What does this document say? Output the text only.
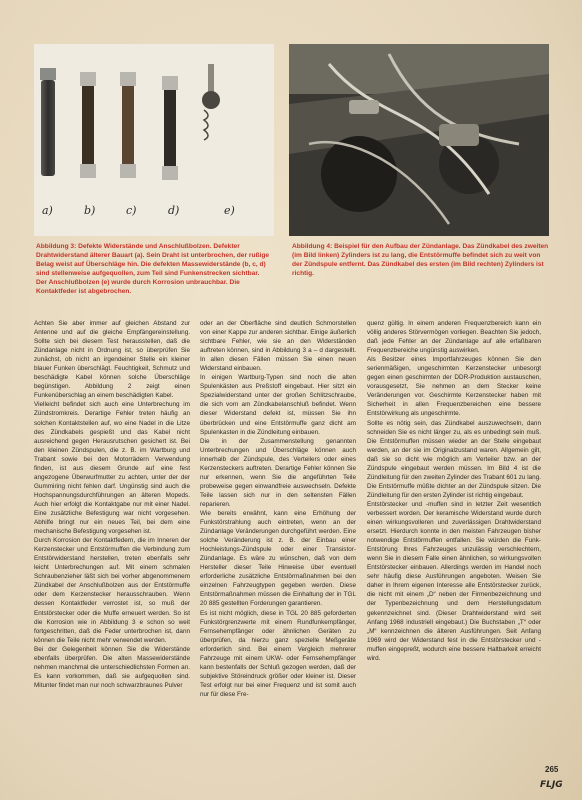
a)	b)	c)	d)	e)
Abbildung 3: Defekte Widerstände und Anschlußbolzen. Defekter Drahtwiderstand älterer Bauart (a). Sein Draht ist unterbrochen, der rußige Belag weist auf Überschläge hin. Die defekten Massewiderstände (b, c, d) sind stellenweise aufgequollen, zum Teil sind Funkenstrecken sichtbar. Der Anschlußbolzen (e) wurde durch Korrosion unbrauchbar. Die Kontaktfeder ist abgebrochen.
Abbildung 4: Beispiel für den Aufbau der Zündanlage. Das Zündkabel des zweiten (im Bild linken) Zylinders ist zu lang, die Entstörmuffe befindet sich zu weit von der Zündspule entfernt. Das Zündkabel des ersten (im Bild rechten) Zylinders ist richtig.

Achten Sie aber immer auf gleichen Abstand zur Antenne und auf die gleiche Empfängereinstellung. Sollte sich bei diesem Test herausstellen, daß die Zündanlage nicht in Ordnung ist, so überprüfen Sie zunächst, ob nicht an irgendeiner Stelle ein kleiner blauer Funken überschlägt. Feuchtigkeit, Schmutz und beschädigte Kabel können solche Überschläge begünstigen. Abbildung 2 zeigt einen Funkenüberschlag an einem beschädigten Kabel.

Vielleicht befindet sich auch eine Unterbrechung im Zündstromkreis. Derartige Fehler treten häufig an solchen Kontaktstellen auf, wo eine Nadel in die Litze des Zündkabels gespießt und das Kabel nicht ausreichend gegen Herausrutschen gesichert ist. Bei den kleinen Zündspulen, die z. B. im Wartburg und Trabant sowie bei den Motorrädern Verwendung finden, ist aus diesem Grunde auf eine fest angezogene Überwurfmutter zu achten, unter der der Gummiring nicht fehlen darf. Ungünstig sind auch die Hochspannungsdurchführungen an älteren Mopeds. Auch hier erfolgt die Kontaktgabe nur mit einer Nadel. Eine zusätzliche Befestigung war nicht vorgesehen. Abhilfe bringt nur ein neues Teil, bei dem eine mechanische Befestigung vorgesehen ist.

Durch Korrosion der Kontaktfedern, die im Inneren der Kerzenstecker und Entstörmuffen die Verbindung zum Entstörwiderstand herstellen, treten ebenfalls sehr leicht Unterbrechungen auf. Mit einem schmalen Schraubenzieher läßt sich bei vorher abgenommenem Zündkabel der Anschlußbolzen aus der Entstörmuffe oder dem Kerzenstecker herausschrauben. Wenn dessen Kontaktfeder verrostet ist, so muß der Entstörstecker oder die Muffe erneuert werden. So ist die Korrosion wie in Abbildung 3 e schon so weit fortgeschritten, daß die Feder unterbrochen ist, dann können die Teile nicht mehr verwendet werden.

Bei der Gelegenheit können Sie die Widerstände ebenfalls überprüfen. Die alten Massewiderstände nehmen manchmal die unterschiedlichsten Formen an. Es kann vorkommen, daß sie aufgequollen sind. Mitunter findet man nur noch schwarzbraunes Pulver

oder an der Oberfläche sind deutlich Schmorstellen von einer Kappe zur anderen sichtbar. Einige äußerlich sichtbare Fehler, wie sie an den Widerständen auftreten können, sind in Abbildung 3 a – d dargestellt. In allen diesen Fällen müssen Sie einen neuen Widerstand einbauen.

In einigen Wartburg-Typen sind noch die alten Spulenkästen aus Preßstoff eingebaut. Hier sitzt ein Spezialwiderstand unter der großen Schlitzschraube, die sich vorn am Zündkabelanschluß befindet. Wenn dieser Widerstand defekt ist, müssen Sie ihn überbrücken und eine Entstörmuffe ganz dicht am Spulenkasten in die Zündleitung einbauen.

Die in der Zusammenstellung genannten Unterbrechungen und Überschläge können auch innerhalb der Zündspule, des Verteilers oder eines Kerzensteckers auftreten. Derartige Fehler können Sie nur erkennen, wenn Sie die angeführten Teile probeweise gegen einwandfreie auswechseln. Defekte Teile lassen sich nur in den seltensten Fällen reparieren.

Wie bereits erwähnt, kann eine Erhöhung der Funkstörstrahlung auch eintreten, wenn an der Zündanlage Veränderungen durchgeführt werden. Eine solche Veränderung ist z. B. der Einbau einer Hochleistungs-Zündspule oder einer Transistor-Zündanlage. Es wäre zu wünschen, daß von dem Hersteller dieser Teile Hinweise über eventuell erforderliche zusätzliche Entstörmaßnahmen bei den einzelnen Fahrzeugtypen gegeben werden. Diese Entstörmaßnahmen müssen die Einhaltung der in TGL 20 885 gestellten Forderungen garantieren.

Es ist nicht möglich, diese in TGL 20 885 geforderten Funkstörgrenzwerte mit einem Rundfunkempfänger, Fernsehempfänger oder ähnlichen Geräten zu überprüfen, da hierzu ganz spezielle Meßgeräte erforderlich sind. Bei einem Vergleich mehrerer Fahrzeuge mit einem UKW- oder Fernsehempfänger kann bestenfalls der Schluß gezogen werden, daß der subjektive Störeindruck größer oder kleiner ist. Dieser Test erfolgt nur bei einer Frequenz und ist somit auch nur für diese Fre-

quenz gültig. In einem anderen Frequenzbereich kann ein völlig anderes Störvermögen vorliegen. Beachten Sie jedoch, daß jede Fehler an der Zündanlage auf alle erfaßbaren Frequenzbereiche ungünstig auswirken.

Als Besitzer eines Importfahrzeuges können Sie den serienmäßigen, ungeschirmten Kerzenstecker unbesorgt gegen einen geschirmten der DDR-Produktion austauschen, vorausgesetzt, Sie nehmen an dem Stecker keine Veränderungen vor. Geschirmte Kerzenstecker haben mit Sicherheit in allen Frequenzbereichen eine bessere Entstörwirkung als ungeschirmte.

Sollte es nötig sein, das Zündkabel auszuwechseln, dann schneiden Sie es nicht länger zu, als es unbedingt sein muß. Die Entstörmuffen müssen wieder an der Stelle eingebaut werden, an der sie im Originalzustand waren. Allgemein gilt, daß sie so dicht wie möglich am Verteiler bzw. an der Zündspule eingebaut werden müssen. Im Bild 4 ist die Zündleitung für den zweiten Zylinder des Trabant 601 zu lang. Die Entstörmuffe müßte dichter an der Zündspule sitzen. Die Zündleitung für den ersten Zylinder ist richtig eingebaut.

Entstörstecker und -muffen sind in letzter Zeit wesentlich verbessert worden. Der keramische Widerstand wurde durch einen wirkungsvolleren und zuverlässigen Drahtwiderstand ersetzt. Hierdurch konnte in den meisten Fahrzeugen bisher notwendige Entstörmuffen entfallen. Sie würden die Funk-Entstörung Ihres Fahrzeuges unzulässig verschlechtern, wenn Sie in diesem Falle einen ähnlichen, so wirkungsvollen Entstörstecker einbauen. Allerdings werden im Handel noch sehr häufig diese Ausführungen angeboten. Weisen Sie daher in Ihrem eigenen Interesse alle Entstörstecker zurück, die nicht mit einem „D“ neben der Firmenbezeichnung und der Typenbezeichnung und dem Herstellungsdatum gekennzeichnet sind. (Dieser Drahtwiderstand wird seit Anfang 1968 industriell eingebaut.) Die Buchstaben „T“ oder „M“ kennzeichnen die älteren Ausführungen. Seit Anfang 1969 wird der Widerstand fest in die Entstörstecker und -muffen eingepreßt, wodurch eine bessere Haltbarkeit erreicht wird.

265
FLJG
